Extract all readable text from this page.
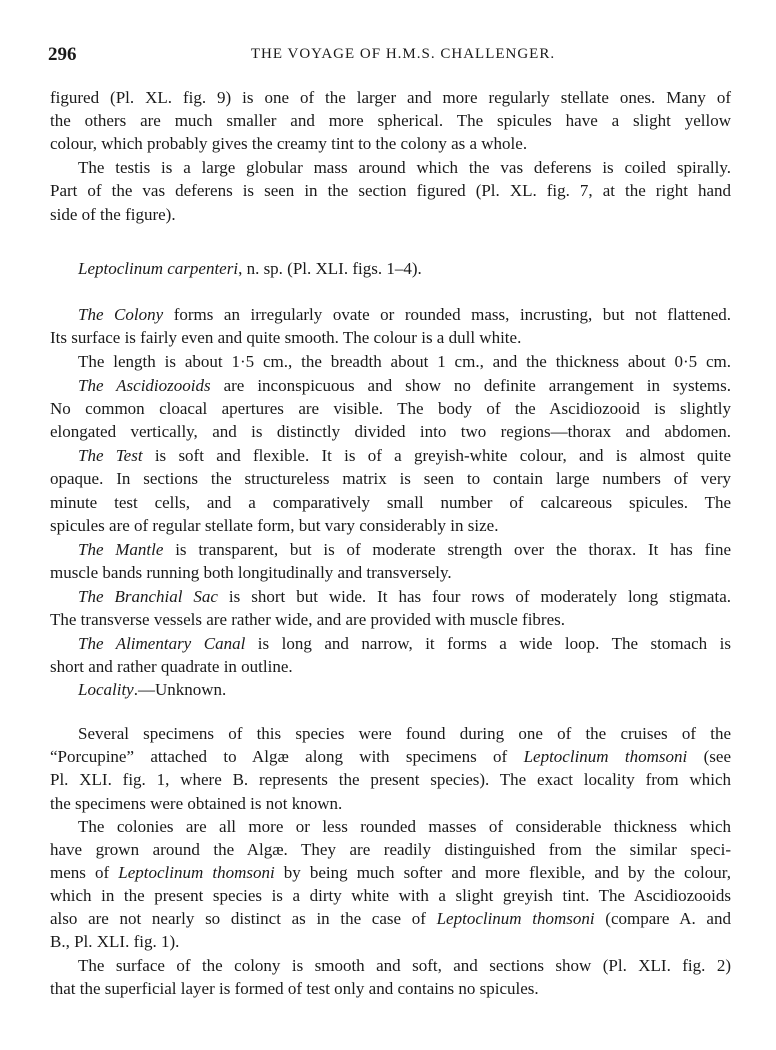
296	THE VOYAGE OF H.M.S. CHALLENGER.
figured (Pl. XL. fig. 9) is one of the larger and more regularly stellate ones. Many of
the others are much smaller and more spherical. The spicules have a slight yellow
colour, which probably gives the creamy tint to the colony as a whole.
The testis is a large globular mass around which the vas deferens is coiled spirally.
Part of the vas deferens is seen in the section figured (Pl. XL. fig. 7, at the right hand
side of the figure).
Leptoclinum carpenteri, n. sp. (Pl. XLI. figs. 1–4).
The Colony forms an irregularly ovate or rounded mass, incrusting, but not flattened.
Its surface is fairly even and quite smooth. The colour is a dull white.
The length is about 1·5 cm., the breadth about 1 cm., and the thickness about 0·5 cm.
The Ascidiozooids are inconspicuous and show no definite arrangement in systems.
No common cloacal apertures are visible. The body of the Ascidiozooid is slightly
elongated vertically, and is distinctly divided into two regions—thorax and abdomen.
The Test is soft and flexible. It is of a greyish-white colour, and is almost quite
opaque. In sections the structureless matrix is seen to contain large numbers of very
minute test cells, and a comparatively small number of calcareous spicules. The
spicules are of regular stellate form, but vary considerably in size.
The Mantle is transparent, but is of moderate strength over the thorax. It has fine
muscle bands running both longitudinally and transversely.
The Branchial Sac is short but wide. It has four rows of moderately long stigmata.
The transverse vessels are rather wide, and are provided with muscle fibres.
The Alimentary Canal is long and narrow, it forms a wide loop. The stomach is
short and rather quadrate in outline.
Locality.—Unknown.
Several specimens of this species were found during one of the cruises of the
“Porcupine” attached to Algæ along with specimens of Leptoclinum thomsoni (see
Pl. XLI. fig. 1, where B. represents the present species). The exact locality from which
the specimens were obtained is not known.
The colonies are all more or less rounded masses of considerable thickness which
have grown around the Algæ. They are readily distinguished from the similar speci-
mens of Leptoclinum thomsoni by being much softer and more flexible, and by the colour,
which in the present species is a dirty white with a slight greyish tint. The Ascidiozooids
also are not nearly so distinct as in the case of Leptoclinum thomsoni (compare A. and
B., Pl. XLI. fig. 1).
The surface of the colony is smooth and soft, and sections show (Pl. XLI. fig. 2)
that the superficial layer is formed of test only and contains no spicules.
